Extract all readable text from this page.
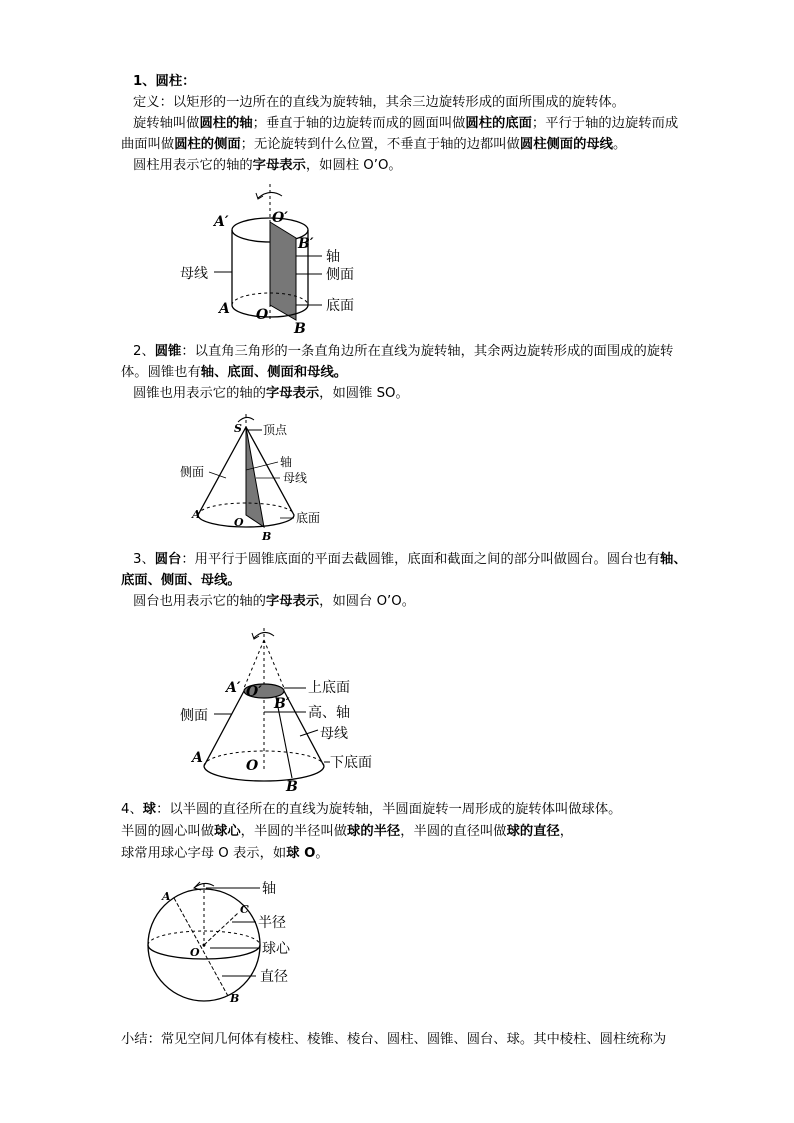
1、圆柱：
定义：以矩形的一边所在的直线为旋转轴，其余三边旋转形成的面所围成的旋转体。
旋转轴叫做圆柱的轴；垂直于轴的边旋转而成的圆面叫做圆柱的底面；平行于轴的边旋转而成
曲面叫做圆柱的侧面；无论旋转到什么位置，不垂直于轴的边都叫做圆柱侧面的母线。
圆柱用表示它的轴的字母表示，如圆柱 O’O。
A′	O′
B′
A O
B
轴
侧面
母线
底面
2、圆锥：以直角三角形的一条直角边所在直线为旋转轴，其余两边旋转形成的面围成的旋转
体。圆锥也有轴、底面、侧面和母线。
圆锥也用表示它的轴的字母表示，如圆锥 SO。
S
A
O
B
顶点
轴
母线
侧面
底面
3、圆台：用平行于圆锥底面的平面去截圆锥，底面和截面之间的部分叫做圆台。圆台也有轴、
底面、侧面、母线。
圆台也用表示它的轴的字母表示，如圆台 O’O。
A′ O′
B′
A	O
B
上底面
高、轴
母线
侧面
下底面
4、球：以半圆的直径所在的直线为旋转轴，半圆面旋转一周形成的旋转体叫做球体。
半圆的圆心叫做球心，半圆的半径叫做球的半径，半圆的直径叫做球的直径，
球常用球心字母 O 表示，如球 O。
A
C
O
B
轴
半径
球心
直径
小结：常见空间几何体有棱柱、棱锥、棱台、圆柱、圆锥、圆台、球。其中棱柱、圆柱统称为
